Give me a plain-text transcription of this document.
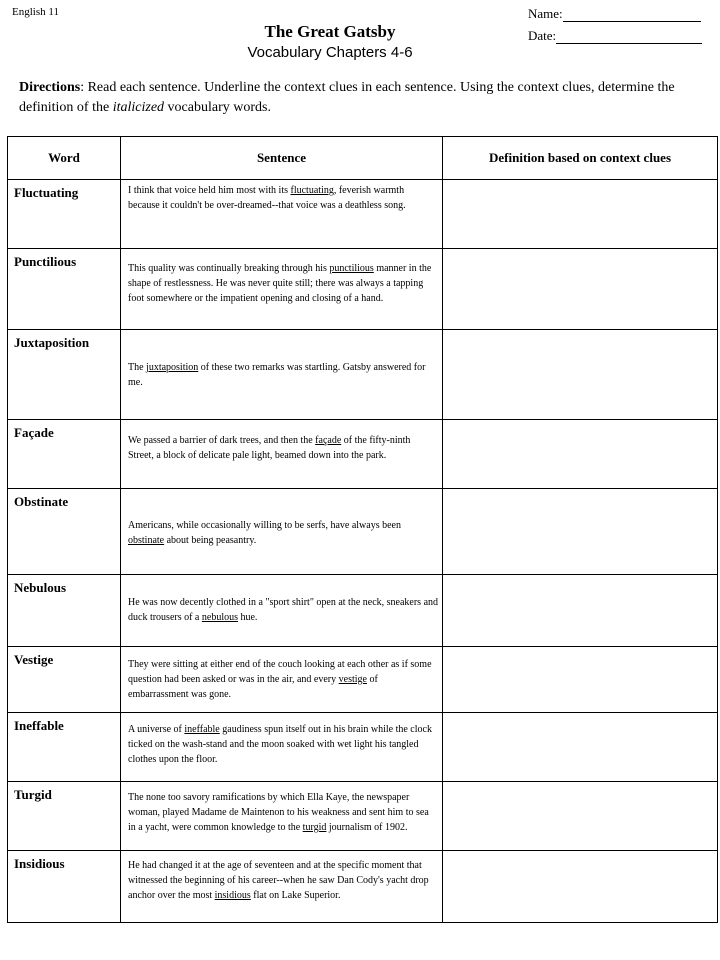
English 11
The Great Gatsby
Vocabulary Chapters 4-6
Name:
Date:
Directions: Read each sentence. Underline the context clues in each sentence. Using the context clues, determine the definition of the italicized vocabulary words.
Word	Sentence	Definition based on context clues
Fluctuating	I think that voice held him most with its fluctuating, feverish warmth because it couldn't be over-dreamed--that voice was a deathless song.	
Punctilious	This quality was continually breaking through his punctilious manner in the shape of restlessness. He was never quite still; there was always a tapping foot somewhere or the impatient opening and closing of a hand.	
Juxtaposition	The juxtaposition of these two remarks was startling. Gatsby answered for me.	
Façade	We passed a barrier of dark trees, and then the façade of the fifty-ninth Street, a block of delicate pale light, beamed down into the park.	
Obstinate	Americans, while occasionally willing to be serfs, have always been obstinate about being peasantry.	
Nebulous	He was now decently clothed in a "sport shirt" open at the neck, sneakers and duck trousers of a nebulous hue.	
Vestige	They were sitting at either end of the couch looking at each other as if some question had been asked or was in the air, and every vestige of embarrassment was gone.	
Ineffable	A universe of ineffable gaudiness spun itself out in his brain while the clock ticked on the wash-stand and the moon soaked with wet light his tangled clothes upon the floor.	
Turgid	The none too savory ramifications by which Ella Kaye, the newspaper woman, played Madame de Maintenon to his weakness and sent him to sea in a yacht, were common knowledge to the turgid journalism of 1902.	
Insidious	He had changed it at the age of seventeen and at the specific moment that witnessed the beginning of his career--when he saw Dan Cody's yacht drop anchor over the most insidious flat on Lake Superior.	
